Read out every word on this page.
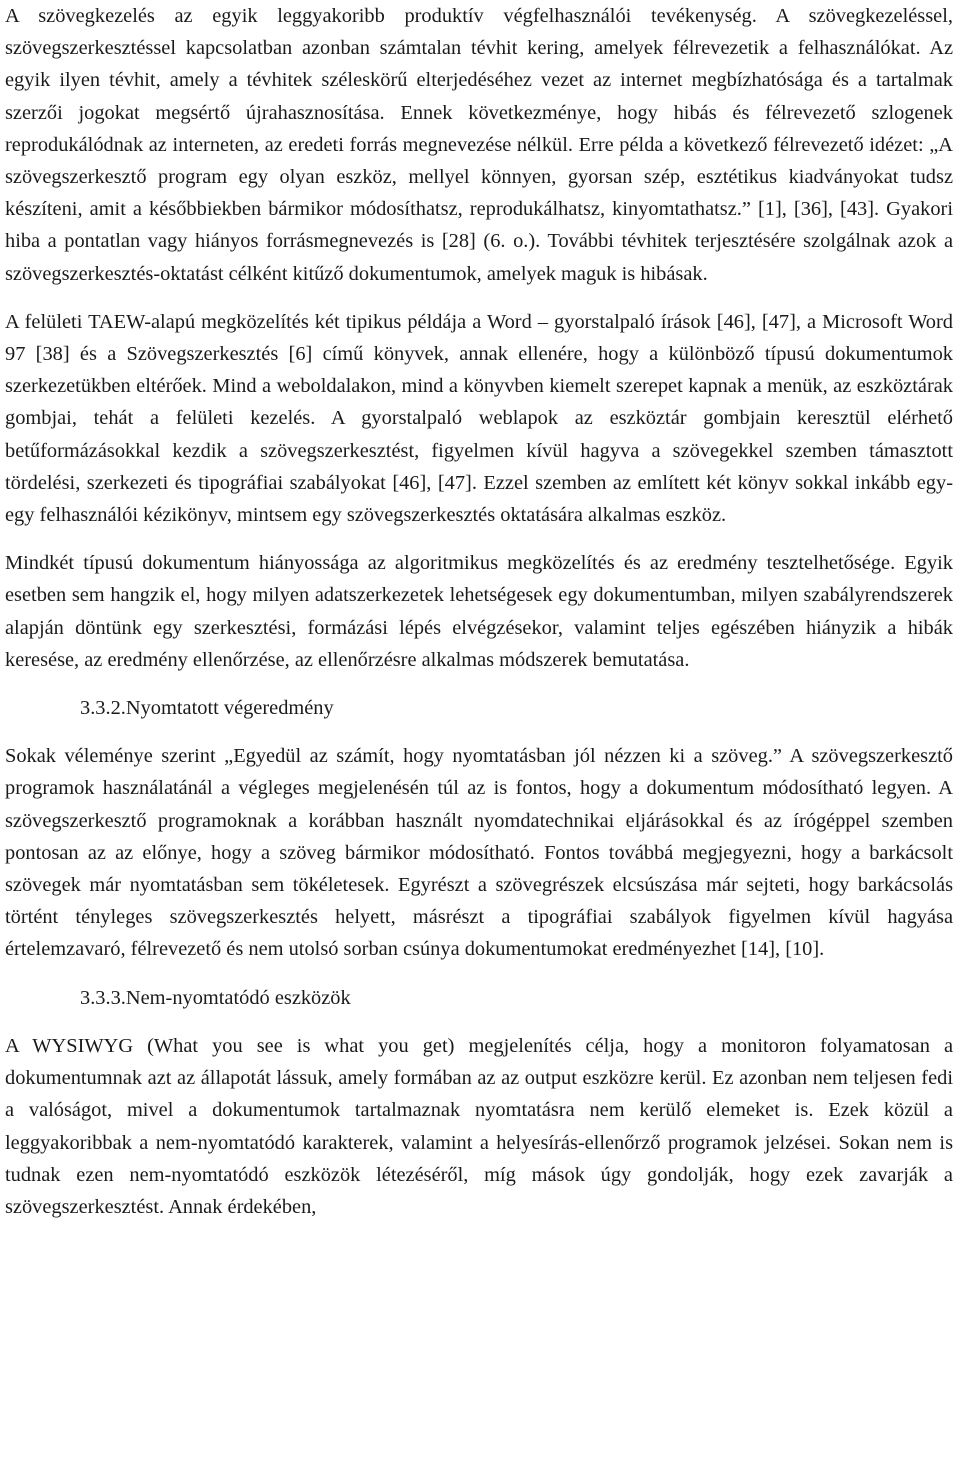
A szövegkezelés az egyik leggyakoribb produktív végfelhasználói tevékenység. A szövegkezeléssel, szövegszerkesztéssel kapcsolatban azonban számtalan tévhit kering, amelyek félrevezetik a felhasználókat. Az egyik ilyen tévhit, amely a tévhitek széleskörű elterjedéséhez vezet az internet megbízhatósága és a tartalmak szerzői jogokat megsértő újrahasznosítása. Ennek következménye, hogy hibás és félrevezető szlogenek reprodukálódnak az interneten, az eredeti forrás megnevezése nélkül. Erre példa a következő félrevezető idézet: „A szövegszerkesztő program egy olyan eszköz, mellyel könnyen, gyorsan szép, esztétikus kiadványokat tudsz készíteni, amit a későbbiekben bármikor módosíthatsz, reprodukálhatsz, kinyomtathatsz.” [1], [36], [43]. Gyakori hiba a pontatlan vagy hiányos forrásmegnevezés is [28] (6. o.). További tévhitek terjesztésére szolgálnak azok a szövegszerkesztés-oktatást célként kitűző dokumentumok, amelyek maguk is hibásak.

A felületi TAEW-alapú megközelítés két tipikus példája a Word – gyorstalpaló írások [46], [47], a Microsoft Word 97 [38] és a Szövegszerkesztés [6] című könyvek, annak ellenére, hogy a különböző típusú dokumentumok szerkezetükben eltérőek. Mind a weboldalakon, mind a könyvben kiemelt szerepet kapnak a menük, az eszköztárak gombjai, tehát a felületi kezelés. A gyorstalpaló weblapok az eszköztár gombjain keresztül elérhető betűformázásokkal kezdik a szövegszerkesztést, figyelmen kívül hagyva a szövegekkel szemben támasztott tördelési, szerkezeti és tipográfiai szabályokat [46], [47]. Ezzel szemben az említett két könyv sokkal inkább egy-egy felhasználói kézikönyv, mintsem egy szövegszerkesztés oktatására alkalmas eszköz.

Mindkét típusú dokumentum hiányossága az algoritmikus megközelítés és az eredmény tesztelhetősége. Egyik esetben sem hangzik el, hogy milyen adatszerkezetek lehetségesek egy dokumentumban, milyen szabályrendszerek alapján döntünk egy szerkesztési, formázási lépés elvégzésekor, valamint teljes egészében hiányzik a hibák keresése, az eredmény ellenőrzése, az ellenőrzésre alkalmas módszerek bemutatása.

3.3.2.Nyomtatott végeredmény

Sokak véleménye szerint „Egyedül az számít, hogy nyomtatásban jól nézzen ki a szöveg.” A szövegszerkesztő programok használatánál a végleges megjelenésén túl az is fontos, hogy a dokumentum módosítható legyen. A szövegszerkesztő programoknak a korábban használt nyomdatechnikai eljárásokkal és az írógéppel szemben pontosan az az előnye, hogy a szöveg bármikor módosítható. Fontos továbbá megjegyezni, hogy a barkácsolt szövegek már nyomtatásban sem tökéletesek. Egyrészt a szövegrészek elcsúszása már sejteti, hogy barkácsolás történt tényleges szövegszerkesztés helyett, másrészt a tipográfiai szabályok figyelmen kívül hagyása értelemzavaró, félrevezető és nem utolsó sorban csúnya dokumentumokat eredményezhet [14], [10].

3.3.3.Nem-nyomtatódó eszközök

A WYSIWYG (What you see is what you get) megjelenítés célja, hogy a monitoron folyamatosan a dokumentumnak azt az állapotát lássuk, amely formában az az output eszközre kerül. Ez azonban nem teljesen fedi a valóságot, mivel a dokumentumok tartalmaznak nyomtatásra nem kerülő elemeket is. Ezek közül a leggyakoribbak a nem-nyomtatódó karakterek, valamint a helyesírás-ellenőrző programok jelzései. Sokan nem is tudnak ezen nem-nyomtatódó eszközök létezéséről, míg mások úgy gondolják, hogy ezek zavarják a szövegszerkesztést. Annak érdekében,
